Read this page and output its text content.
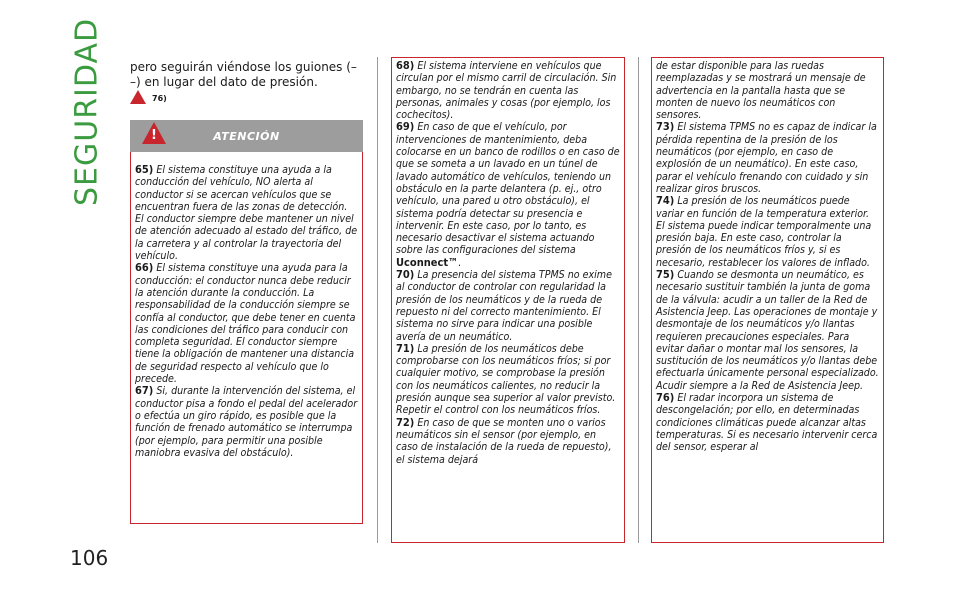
SEGURIDAD
106
pero seguirán viéndose los guiones (– –) en lugar del dato de presión.
76)
ATENCIÓN
!

65) El sistema constituye una ayuda a la conducción del vehículo, NO alerta al conductor si se acercan vehículos que se encuentran fuera de las zonas de detección. El conductor siempre debe mantener un nivel de atención adecuado al estado del tráfico, de la carretera y al controlar la trayectoria del vehículo.

66) El sistema constituye una ayuda para la conducción: el conductor nunca debe reducir la atención durante la conducción. La responsabilidad de la conducción siempre se confía al conductor, que debe tener en cuenta las condiciones del tráfico para conducir con completa seguridad. El conductor siempre tiene la obligación de mantener una distancia de seguridad respecto al vehículo que lo precede.

67) Si, durante la intervención del sistema, el conductor pisa a fondo el pedal del acelerador o efectúa un giro rápido, es posible que la función de frenado automático se interrumpa (por ejemplo, para permitir una posible maniobra evasiva del obstáculo).

68) El sistema interviene en vehículos que circulan por el mismo carril de circulación. Sin embargo, no se tendrán en cuenta las personas, animales y cosas (por ejemplo, los cochecitos).

69) En caso de que el vehículo, por intervenciones de mantenimiento, deba colocarse en un banco de rodillos o en caso de que se someta a un lavado en un túnel de lavado automático de vehículos, teniendo un obstáculo en la parte delantera (p. ej., otro vehículo, una pared u otro obstáculo), el sistema podría detectar su presencia e intervenir. En este caso, por lo tanto, es necesario desactivar el sistema actuando sobre las configuraciones del sistema Uconnect™.

70) La presencia del sistema TPMS no exime al conductor de controlar con regularidad la presión de los neumáticos y de la rueda de repuesto ni del correcto mantenimiento. El sistema no sirve para indicar una posible avería de un neumático.

71) La presión de los neumáticos debe comprobarse con los neumáticos fríos; si por cualquier motivo, se comprobase la presión con los neumáticos calientes, no reducir la presión aunque sea superior al valor previsto. Repetir el control con los neumáticos fríos.

72) En caso de que se monten uno o varios neumáticos sin el sensor (por ejemplo, en caso de instalación de la rueda de repuesto), el sistema dejará

de estar disponible para las ruedas reemplazadas y se mostrará un mensaje de advertencia en la pantalla hasta que se monten de nuevo los neumáticos con sensores.

73) El sistema TPMS no es capaz de indicar la pérdida repentina de la presión de los neumáticos (por ejemplo, en caso de explosión de un neumático). En este caso, parar el vehículo frenando con cuidado y sin realizar giros bruscos.

74) La presión de los neumáticos puede variar en función de la temperatura exterior. El sistema puede indicar temporalmente una presión baja. En este caso, controlar la presión de los neumáticos fríos y, si es necesario, restablecer los valores de inflado.

75) Cuando se desmonta un neumático, es necesario sustituir también la junta de goma de la válvula: acudir a un taller de la Red de Asistencia Jeep. Las operaciones de montaje y desmontaje de los neumáticos y/o llantas requieren precauciones especiales. Para evitar dañar o montar mal los sensores, la sustitución de los neumáticos y/o llantas debe efectuarla únicamente personal especializado. Acudir siempre a la Red de Asistencia Jeep.

76) El radar incorpora un sistema de descongelación; por ello, en determinadas condiciones climáticas puede alcanzar altas temperaturas. Si es necesario intervenir cerca del sensor, esperar al
